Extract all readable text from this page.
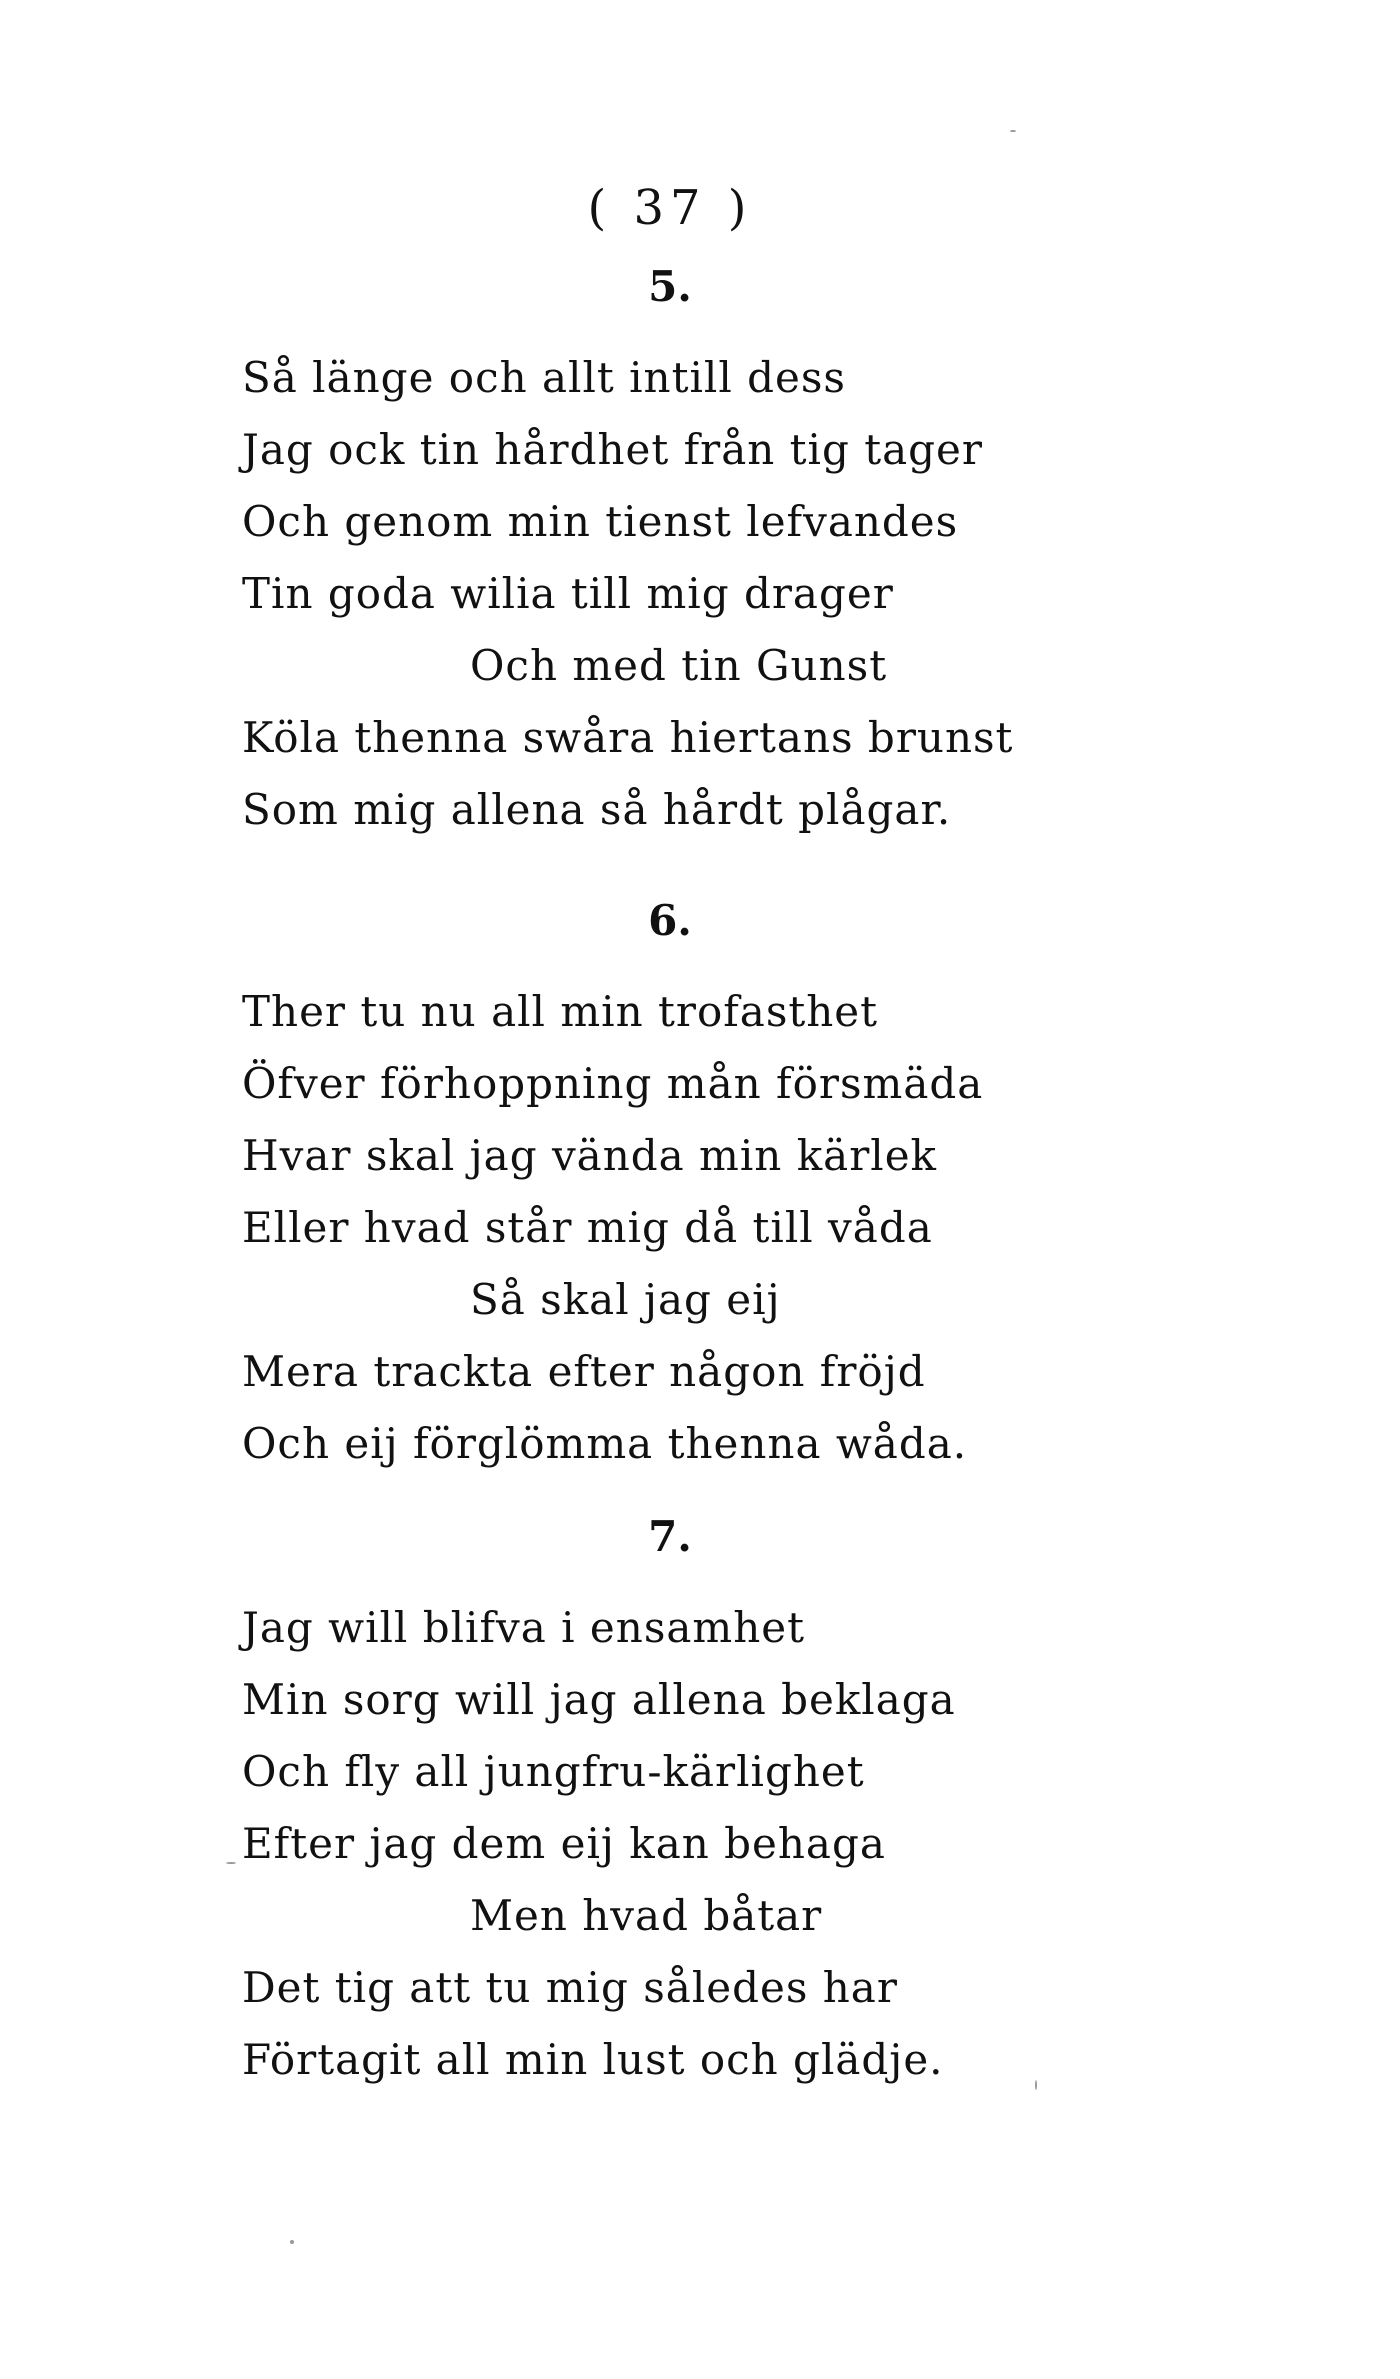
( 37 )
5.
Så länge och allt intill dess
Jag ock tin hårdhet från tig tager
Och genom min tienst lefvandes
Tin goda wilia till mig drager
Och med tin Gunst
Köla thenna swåra hiertans brunst
Som mig allena så hårdt plågar.
6.
Ther tu nu all min trofasthet
Öfver förhoppning mån försmäda
Hvar skal jag vända min kärlek
Eller hvad står mig då till våda
Så skal jag eij
Mera trackta efter någon fröjd
Och eij förglömma thenna wåda.
7.
Jag will blifva i ensamhet
Min sorg will jag allena beklaga
Och fly all jungfru-kärlighet
Efter jag dem eij kan behaga
Men hvad båtar
Det tig att tu mig således har
Förtagit all min lust och glädje.
